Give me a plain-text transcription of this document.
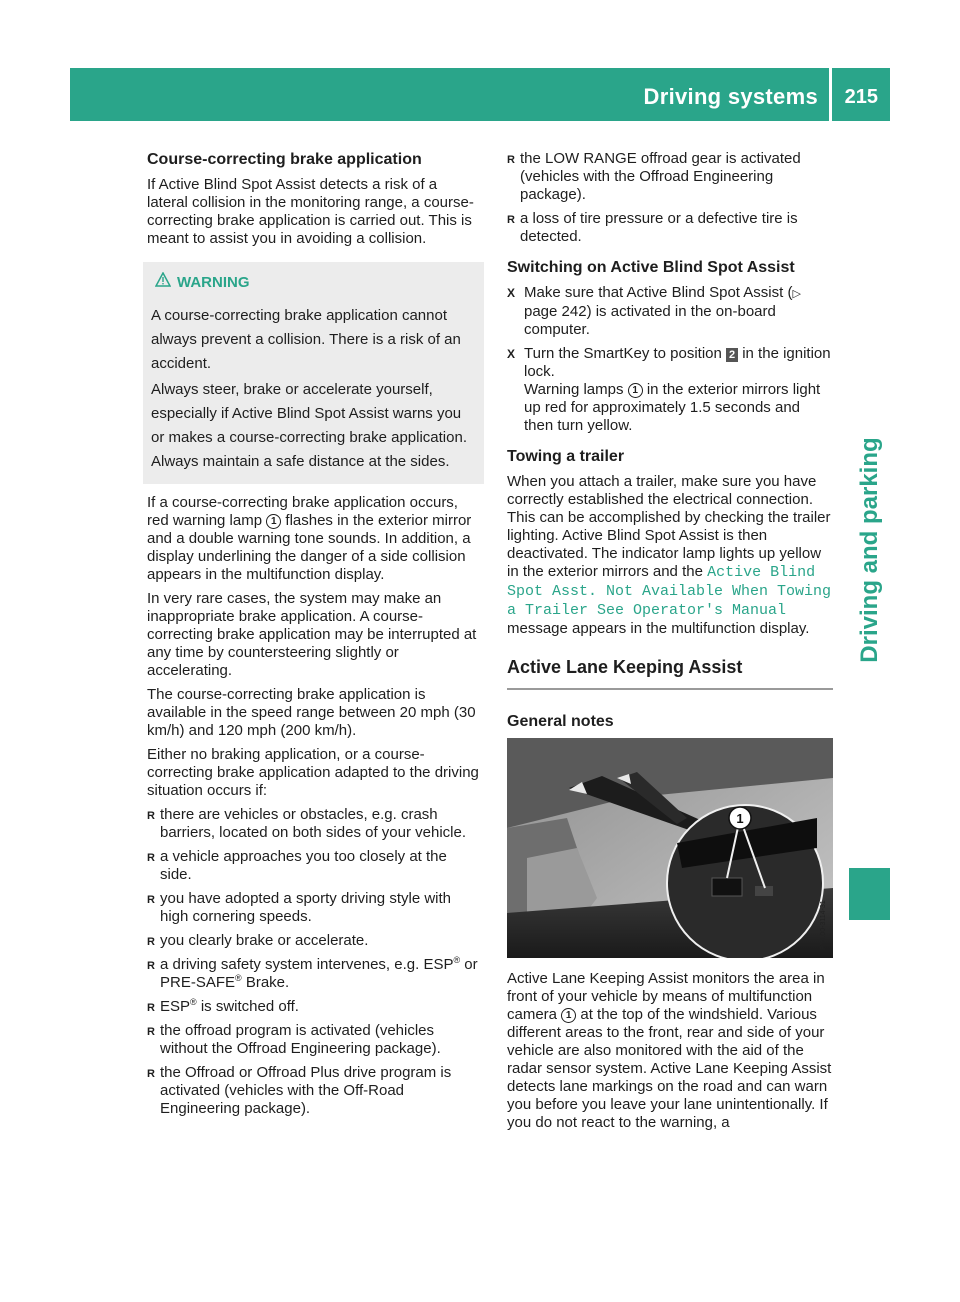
Driving systems 215
Driving and parking
Course-correcting brake application

If Active Blind Spot Assist detects a risk of a lateral collision in the monitoring range, a course-correcting brake application is carried out. This is meant to assist you in avoiding a collision.

WARNING

A course-correcting brake application cannot always prevent a collision. There is a risk of an accident.

Always steer, brake or accelerate yourself, especially if Active Blind Spot Assist warns you or makes a course-correcting brake application. Always maintain a safe distance at the sides.

If a course-correcting brake application occurs, red warning lamp 1 flashes in the exterior mirror and a double warning tone sounds. In addition, a display underlining the danger of a side collision appears in the multifunction display.

In very rare cases, the system may make an inappropriate brake application. A course-correcting brake application may be interrupted at any time by countersteering slightly or accelerating.

The course-correcting brake application is available in the speed range between 20 mph (30 km/h) and 120 mph (200 km/h).

Either no braking application, or a course-correcting brake application adapted to the driving situation occurs if:

R there are vehicles or obstacles, e.g. crash barriers, located on both sides of your vehicle.
R a vehicle approaches you too closely at the side.
R you have adopted a sporty driving style with high cornering speeds.
R you clearly brake or accelerate.
R a driving safety system intervenes, e.g. ESP® or PRE-SAFE® Brake.
R ESP® is switched off.
R the offroad program is activated (vehicles without the Offroad Engineering package).
R the Offroad or Offroad Plus drive program is activated (vehicles with the Off-Road Engineering package).
R the LOW RANGE offroad gear is activated (vehicles with the Offroad Engineering package).
R a loss of tire pressure or a defective tire is detected.
Switching on Active Blind Spot Assist
X Make sure that Active Blind Spot Assist (▷ page 242) is activated in the on-board computer.
X Turn the SmartKey to position 2 in the ignition lock.
Warning lamps 1 in the exterior mirrors light up red for approximately 1.5 seconds and then turn yellow.
Towing a trailer

When you attach a trailer, make sure you have correctly established the electrical connection. This can be accomplished by checking the trailer lighting. Active Blind Spot Assist is then deactivated. The indicator lamp lights up yellow in the exterior mirrors and the Active Blind Spot Asst. Not Available When Towing a Trailer See Operator's Manual message appears in the multifunction display.

Active Lane Keeping Assist
General notes
1
P54.00-3114-31

Active Lane Keeping Assist monitors the area in front of your vehicle by means of multifunction camera 1 at the top of the windshield. Various different areas to the front, rear and side of your vehicle are also monitored with the aid of the radar sensor system. Active Lane Keeping Assist detects lane markings on the road and can warn you before you leave your lane unintentionally. If you do not react to the warning, a
